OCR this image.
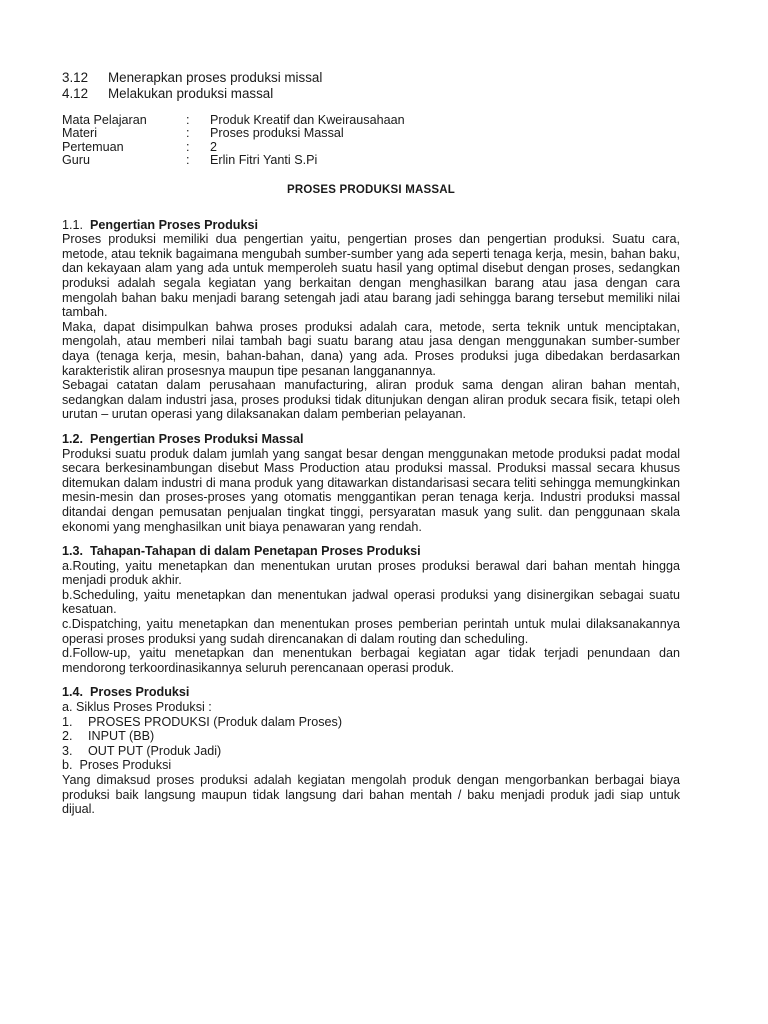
3.12 Menerapkan proses produksi missal

4.12 Melakukan produksi massal

Mata Pelajaran	:	Produk Kreatif dan Kweirausahaan
Materi	:	Proses produksi Massal
Pertemuan	:	2
Guru	:	Erlin Fitri Yanti S.Pi
PROSES PRODUKSI MASSAL

1.1. Pengertian Proses Produksi

Proses produksi memiliki dua pengertian yaitu, pengertian proses dan pengertian produksi. Suatu cara, metode, atau teknik bagaimana mengubah sumber-sumber yang ada seperti tenaga kerja, mesin, bahan baku, dan kekayaan alam yang ada untuk memperoleh suatu hasil yang optimal disebut dengan proses, sedangkan produksi adalah segala kegiatan yang berkaitan dengan menghasilkan barang atau jasa dengan cara mengolah bahan baku menjadi barang setengah jadi atau barang jadi sehingga barang tersebut memiliki nilai tambah.

Maka, dapat disimpulkan bahwa proses produksi adalah cara, metode, serta teknik untuk menciptakan, mengolah, atau memberi nilai tambah bagi suatu barang atau jasa dengan menggunakan sumber-sumber daya (tenaga kerja, mesin, bahan-bahan, dana) yang ada. Proses produksi juga dibedakan berdasarkan karakteristik aliran prosesnya maupun tipe pesanan langganannya.

Sebagai catatan dalam perusahaan manufacturing, aliran produk sama dengan aliran bahan mentah, sedangkan dalam industri jasa, proses produksi tidak ditunjukan dengan aliran produk secara fisik, tetapi oleh urutan – urutan operasi yang dilaksanakan dalam pemberian pelayanan.

1.2. Pengertian Proses Produksi Massal

Produksi suatu produk dalam jumlah yang sangat besar dengan menggunakan metode produksi padat modal secara berkesinambungan disebut Mass Production atau produksi massal. Produksi massal secara khusus ditemukan dalam industri di mana produk yang ditawarkan distandarisasi secara teliti sehingga memungkinkan mesin-mesin dan proses-proses yang otomatis menggantikan peran tenaga kerja. Industri produksi massal ditandai dengan pemusatan penjualan tingkat tinggi, persyaratan masuk yang sulit. dan penggunaan skala ekonomi yang menghasilkan unit biaya penawaran yang rendah.

1.3. Tahapan-Tahapan di dalam Penetapan Proses Produksi

a.Routing, yaitu menetapkan dan menentukan urutan proses produksi berawal dari bahan mentah hingga menjadi produk akhir.

b.Scheduling, yaitu menetapkan dan menentukan jadwal operasi produksi yang disinergikan sebagai suatu kesatuan.

c.Dispatching, yaitu menetapkan dan menentukan proses pemberian perintah untuk mulai dilaksanakannya operasi proses produksi yang sudah direncanakan di dalam routing dan scheduling.

d.Follow-up, yaitu menetapkan dan menentukan berbagai kegiatan agar tidak terjadi penundaan dan mendorong terkoordinasikannya seluruh perencanaan operasi produk.

1.4. Proses Produksi

a. Siklus Proses Produksi :

1. PROSES PRODUKSI (Produk dalam Proses)

2. INPUT (BB)

3. OUT PUT (Produk Jadi)

b.  Proses Produksi

Yang dimaksud proses produksi adalah kegiatan mengolah produk dengan mengorbankan berbagai biaya produksi baik langsung maupun tidak langsung dari bahan mentah / baku menjadi produk jadi siap untuk dijual.
